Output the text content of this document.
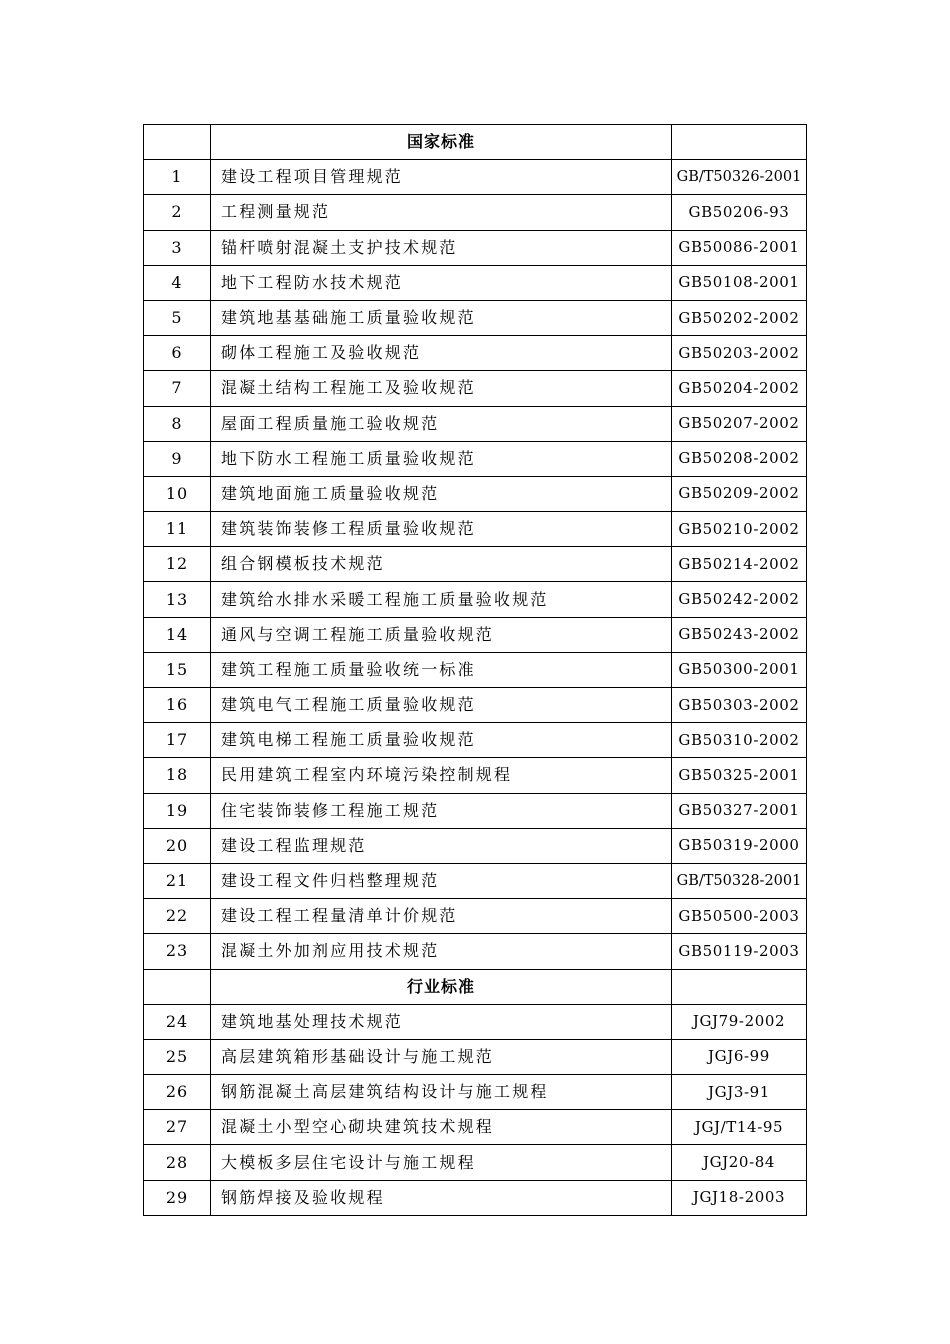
	国家标准	
1	建设工程项目管理规范	GB/T50326-2001
2	工程测量规范	GB50206-93
3	锚杆喷射混凝土支护技术规范	GB50086-2001
4	地下工程防水技术规范	GB50108-2001
5	建筑地基基础施工质量验收规范	GB50202-2002
6	砌体工程施工及验收规范	GB50203-2002
7	混凝土结构工程施工及验收规范	GB50204-2002
8	屋面工程质量施工验收规范	GB50207-2002
9	地下防水工程施工质量验收规范	GB50208-2002
10	建筑地面施工质量验收规范	GB50209-2002
11	建筑装饰装修工程质量验收规范	GB50210-2002
12	组合钢模板技术规范	GB50214-2002
13	建筑给水排水采暖工程施工质量验收规范	GB50242-2002
14	通风与空调工程施工质量验收规范	GB50243-2002
15	建筑工程施工质量验收统一标准	GB50300-2001
16	建筑电气工程施工质量验收规范	GB50303-2002
17	建筑电梯工程施工质量验收规范	GB50310-2002
18	民用建筑工程室内环境污染控制规程	GB50325-2001
19	住宅装饰装修工程施工规范	GB50327-2001
20	建设工程监理规范	GB50319-2000
21	建设工程文件归档整理规范	GB/T50328-2001
22	建设工程工程量清单计价规范	GB50500-2003
23	混凝土外加剂应用技术规范	GB50119-2003
	行业标准	
24	建筑地基处理技术规范	JGJ79-2002
25	高层建筑箱形基础设计与施工规范	JGJ6-99
26	钢筋混凝土高层建筑结构设计与施工规程	JGJ3-91
27	混凝土小型空心砌块建筑技术规程	JGJ/T14-95
28	大模板多层住宅设计与施工规程	JGJ20-84
29	钢筋焊接及验收规程	JGJ18-2003
